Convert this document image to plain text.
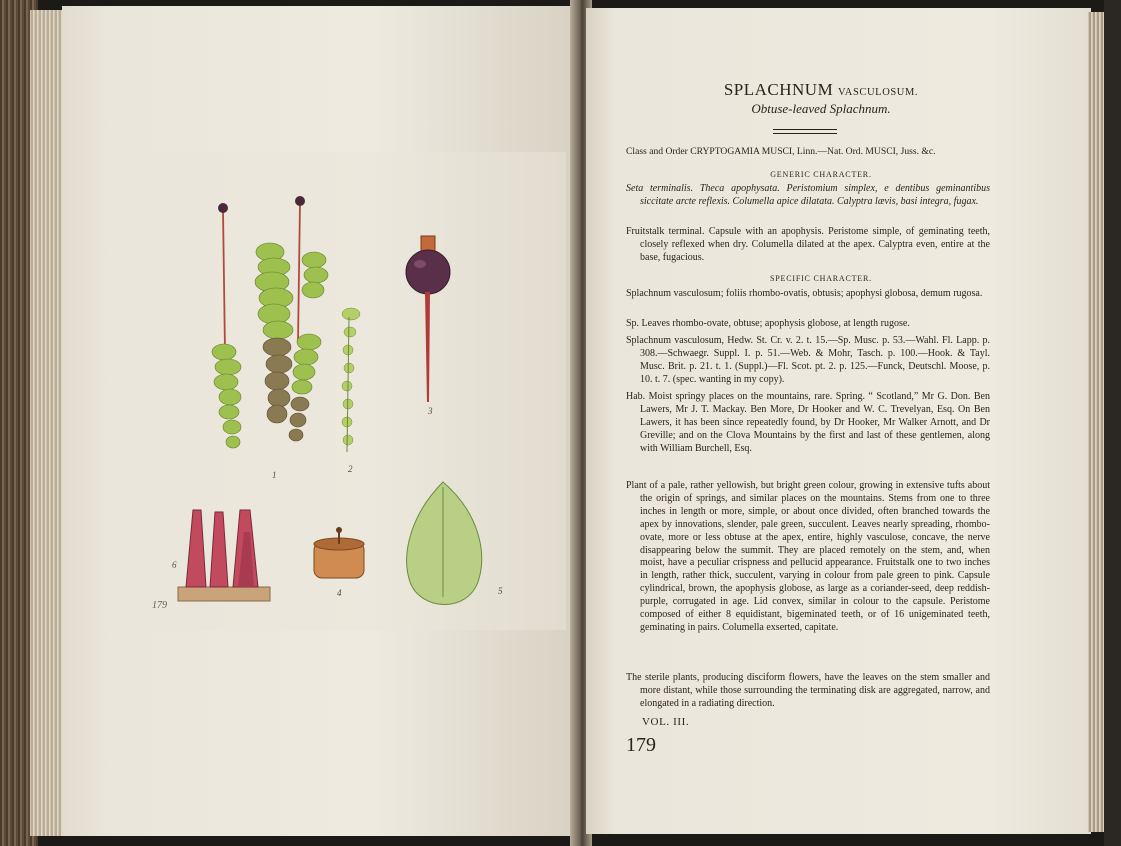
1
2
3
4	5
6
179
SPLACHNUM VASCULOSUM.
Obtuse-leaved Splachnum.
Class and Order CRYPTOGAMIA MUSCI, Linn.—Nat. Ord. MUSCI, Juss. &c.
GENERIC CHARACTER.
Seta terminalis. Theca apophysata. Peristomium simplex, e dentibus geminantibus siccitate arcte reflexis. Columella apice dilatata. Calyptra lævis, basi integra, fugax.
Fruitstalk terminal. Capsule with an apophysis. Peristome simple, of geminating teeth, closely reflexed when dry. Columella dilated at the apex. Calyptra even, entire at the base, fugacious.
SPECIFIC CHARACTER.
Splachnum vasculosum; foliis rhombo-ovatis, obtusis; apophysi globosa, demum rugosa.
Sp. Leaves rhombo-ovate, obtuse; apophysis globose, at length rugose.
Splachnum vasculosum, Hedw. St. Cr. v. 2. t. 15.—Sp. Musc. p. 53.—Wahl. Fl. Lapp. p. 308.—Schwaegr. Suppl. I. p. 51.—Web. & Mohr, Tasch. p. 100.—Hook. & Tayl. Musc. Brit. p. 21. t. 1. (Suppl.)—Fl. Scot. pt. 2. p. 125.—Funck, Deutschl. Moose, p. 10. t. 7. (spec. wanting in my copy).
Hab. Moist springy places on the mountains, rare. Spring. “ Scotland,” Mr G. Don. Ben Lawers, Mr J. T. Mackay. Ben More, Dr Hooker and W. C. Trevelyan, Esq. On Ben Lawers, it has been since repeatedly found, by Dr Hooker, Mr Walker Arnott, and Dr Greville; and on the Clova Mountains by the first and last of these gentlemen, along with William Burchell, Esq.
Plant of a pale, rather yellowish, but bright green colour, growing in extensive tufts about the origin of springs, and similar places on the mountains. Stems from one to three inches in length or more, simple, or about once divided, often branched towards the apex by innovations, slender, pale green, succulent. Leaves nearly spreading, rhombo-ovate, more or less obtuse at the apex, entire, highly vasculose, concave, the nerve disappearing below the summit. They are placed remotely on the stem, and, when moist, have a peculiar crispness and pellucid appearance. Fruitstalk one to two inches in length, rather thick, succulent, varying in colour from pale green to pink. Capsule cylindrical, brown, the apophysis globose, as large as a coriander-seed, deep reddish-purple, corrugated in age. Lid convex, similar in colour to the capsule. Peristome composed of either 8 equidistant, bigeminated teeth, or of 16 unigeminated teeth, geminating in pairs. Columella exserted, capitate.
The sterile plants, producing disciform flowers, have the leaves on the stem smaller and more distant, while those surrounding the terminating disk are aggregated, narrow, and elongated in a radiating direction.
VOL. III.
179
